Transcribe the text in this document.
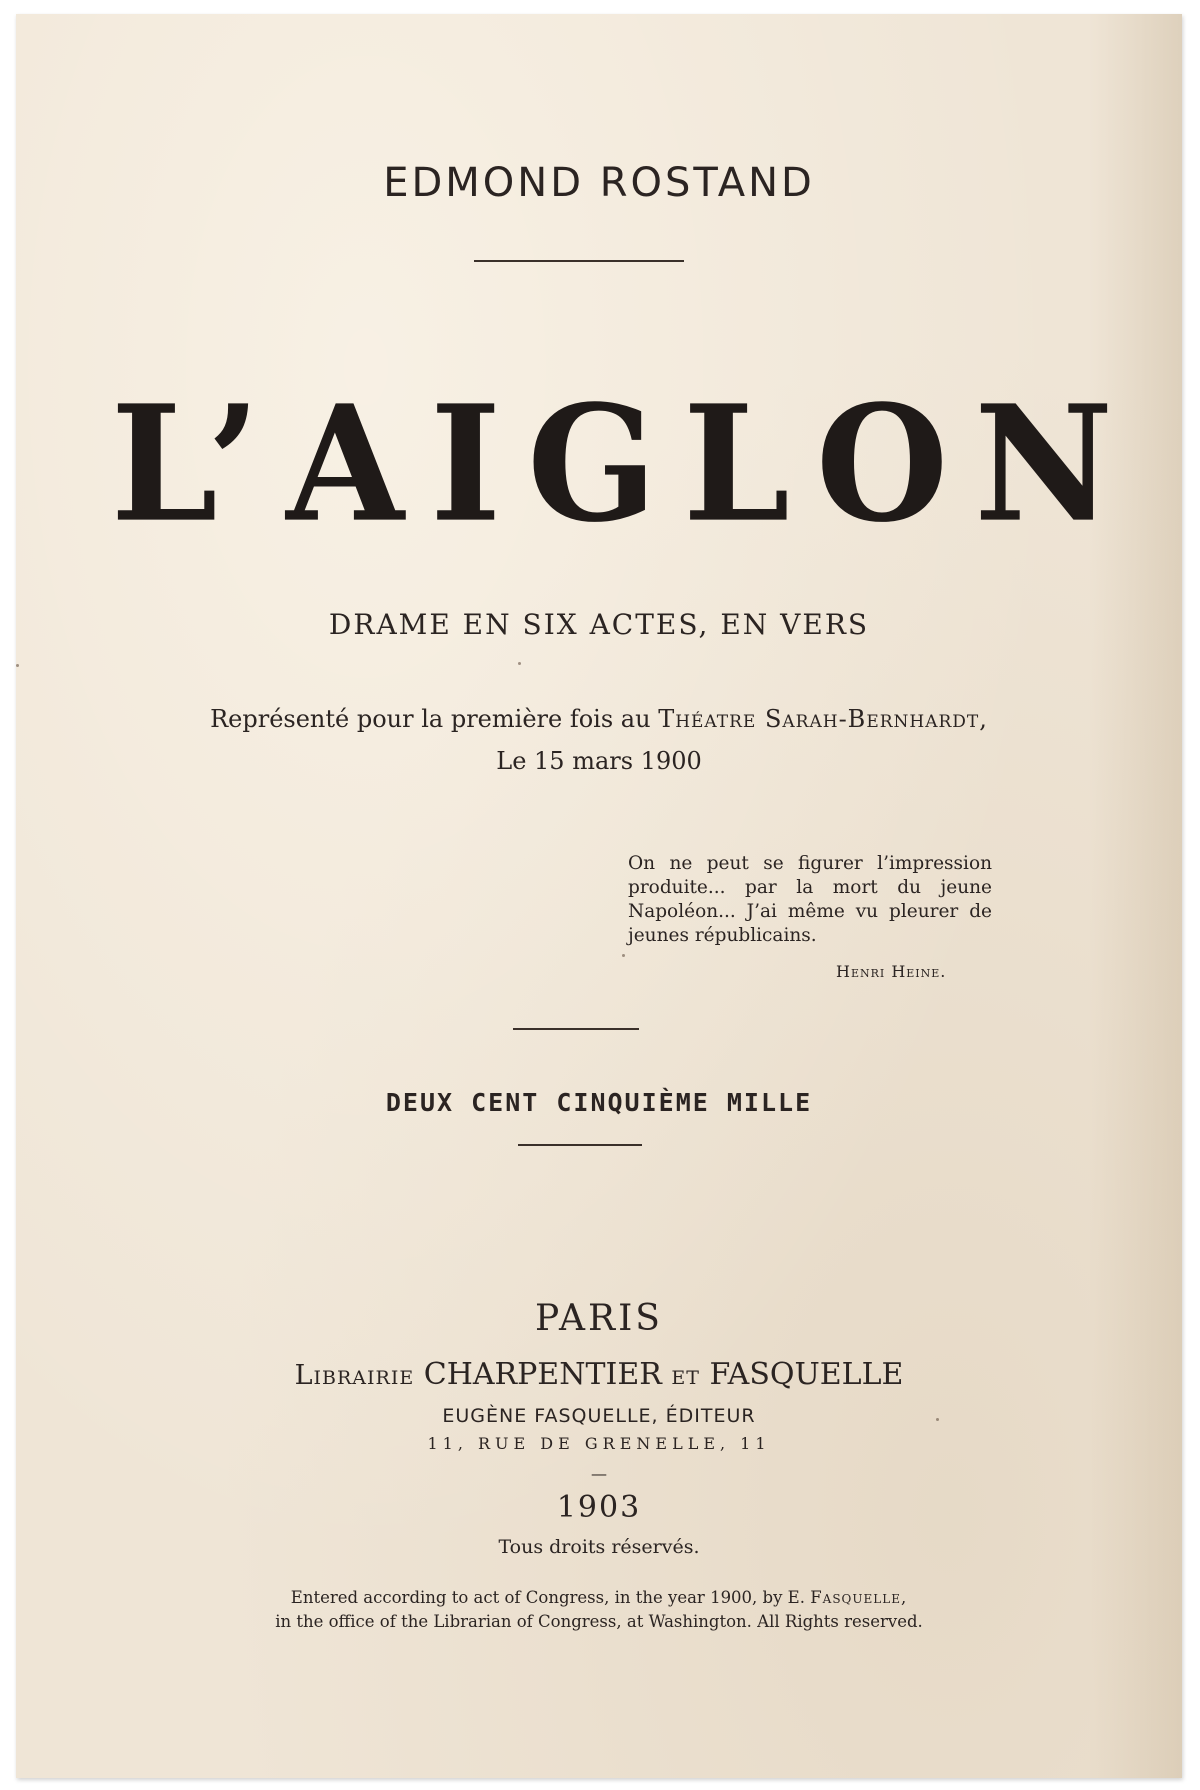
EDMOND ROSTAND
L’AIGLON
DRAME EN SIX ACTES, EN VERS
Représenté pour la première fois au Théatre Sarah-Bernhardt,
Le 15 mars 1900
On ne peut se figurer l’impression produite... par la mort du jeune Napoléon... J’ai même vu pleurer de jeunes républicains.
Henri Heine.
DEUX CENT CINQUIÈME MILLE
PARIS
Librairie CHARPENTIER et FASQUELLE
EUGÈNE FASQUELLE, ÉDITEUR
11, RUE DE GRENELLE, 11
—
1903
Tous droits réservés.
Entered according to act of Congress, in the year 1900, by E. Fasquelle,
in the office of the Librarian of Congress, at Washington. All Rights reserved.
